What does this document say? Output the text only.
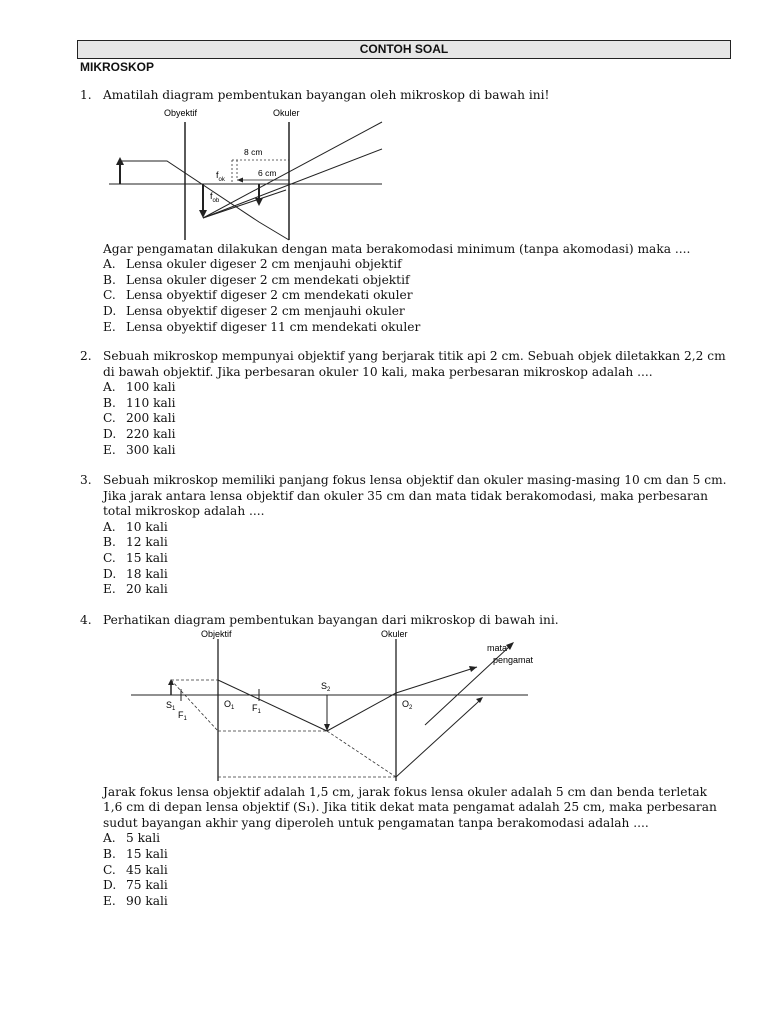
CONTOH SOAL
MIKROSKOP
1. Amatilah diagram pembentukan bayangan oleh mikroskop di bawah ini!
Obyektif	Okuler
8 cm
6 cm
$f_{ok}$
$f_{ob}$
Agar pengamatan dilakukan dengan mata berakomodasi minimum (tanpa akomodasi) maka ....
A. Lensa okuler digeser 2 cm menjauhi objektif
B. Lensa okuler digeser 2 cm mendekati objektif
C. Lensa obyektif digeser 2 cm mendekati okuler
D. Lensa obyektif digeser 2 cm menjauhi okuler
E. Lensa obyektif digeser 11 cm mendekati okuler
2. Sebuah mikroskop mempunyai objektif yang berjarak titik api 2 cm. Sebuah objek diletakkan 2,2 cm di bawah objektif. Jika perbesaran okuler 10 kali, maka perbesaran mikroskop adalah ....
A. 100 kali
B. 110 kali
C. 200 kali
D. 220 kali
E. 300 kali
3. Sebuah mikroskop memiliki panjang fokus lensa objektif dan okuler masing-masing 10 cm dan 5 cm. Jika jarak antara lensa objektif dan okuler 35 cm dan mata tidak berakomodasi, maka perbesaran total mikroskop adalah ....
A. 10 kali
B. 12 kali
C. 15 kali
D. 18 kali
E. 20 kali
4. Perhatikan diagram pembentukan bayangan dari mikroskop di bawah ini.
Objektif	Okuler
mata
pengamat
$S_2$
$S_1$
$F_1$
$O_1$ $F_1$
$O_2$
Jarak fokus lensa objektif adalah 1,5 cm, jarak fokus lensa okuler adalah 5 cm dan benda terletak 1,6 cm di depan lensa objektif (S₁). Jika titik dekat mata pengamat adalah 25 cm, maka perbesaran sudut bayangan akhir yang diperoleh untuk pengamatan tanpa berakomodasi adalah ....
A. 5 kali
B. 15 kali
C. 45 kali
D. 75 kali
E. 90 kali
